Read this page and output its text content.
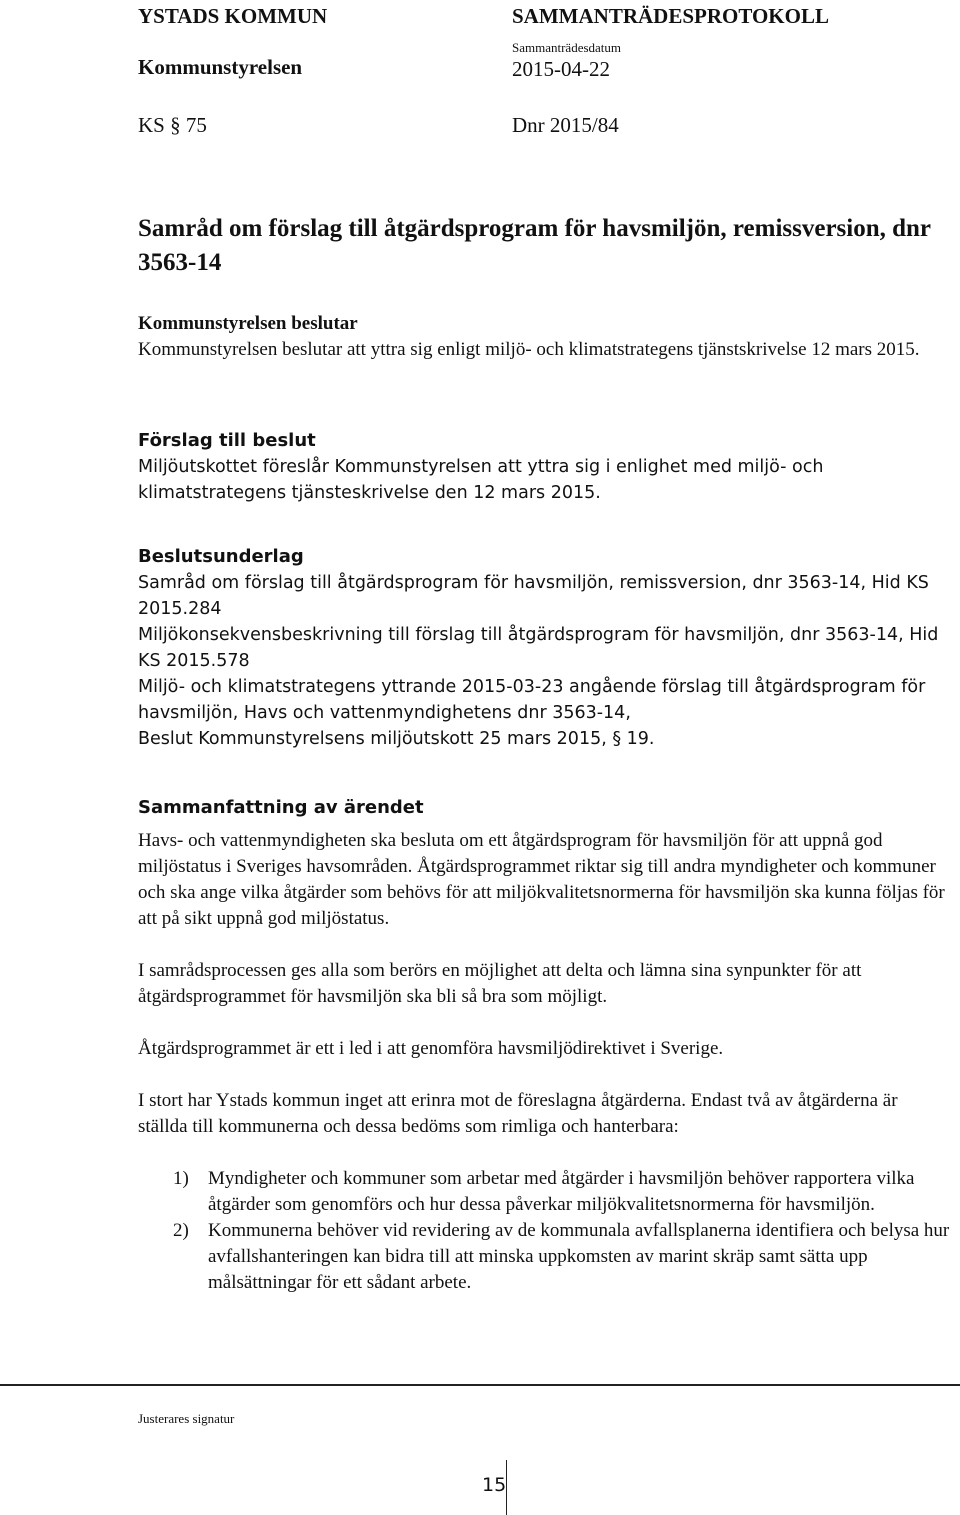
YSTADS KOMMUN
Kommunstyrelsen
SAMMANTRÄDESPROTOKOLL
Sammanträdesdatum
2015-04-22
KS § 75	Dnr 2015/84
Samråd om förslag till åtgärdsprogram för havsmiljön, remissversion, dnr 3563-14
Kommunstyrelsen beslutar

Kommunstyrelsen beslutar att yttra sig enligt miljö- och klimatstrategens tjänstskrivelse 12 mars 2015.

Förslag till beslut

Miljöutskottet föreslår Kommunstyrelsen att yttra sig i enlighet med miljö- och klimatstrategens tjänsteskrivelse den 12 mars 2015.

Beslutsunderlag

Samråd om förslag till åtgärdsprogram för havsmiljön, remissversion, dnr 3563-14, Hid KS 2015.284

Miljökonsekvensbeskrivning till förslag till åtgärdsprogram för havsmiljön, dnr 3563-14, Hid KS 2015.578

Miljö- och klimatstrategens yttrande 2015-03-23 angående förslag till åtgärdsprogram för havsmiljön, Havs och vattenmyndighetens dnr 3563-14,

Beslut Kommunstyrelsens miljöutskott 25 mars 2015, § 19.

Sammanfattning av ärendet

Havs- och vattenmyndigheten ska besluta om ett åtgärdsprogram för havsmiljön för att uppnå god miljöstatus i Sveriges havsområden. Åtgärdsprogrammet riktar sig till andra myndigheter och kommuner och ska ange vilka åtgärder som behövs för att miljökvalitetsnormerna för havsmiljön ska kunna följas för att på sikt uppnå god miljöstatus.

I samrådsprocessen ges alla som berörs en möjlighet att delta och lämna sina synpunkter för att åtgärdsprogrammet för havsmiljön ska bli så bra som möjligt.

Åtgärdsprogrammet är ett i led i att genomföra havsmiljödirektivet i Sverige.

I stort har Ystads kommun inget att erinra mot de föreslagna åtgärderna. Endast två av åtgärderna är ställda till kommunerna och dessa bedöms som rimliga och hanterbara:

1)	Myndigheter och kommuner som arbetar med åtgärder i havsmiljön behöver rapportera vilka åtgärder som genomförs och hur dessa påverkar miljökvalitetsnormerna för havsmiljön.
2)	Kommunerna behöver vid revidering av de kommunala avfallsplanerna identifiera och belysa hur avfallshanteringen kan bidra till att minska uppkomsten av marint skräp samt sätta upp målsättningar för ett sådant arbete.
Justerares signatur
15
